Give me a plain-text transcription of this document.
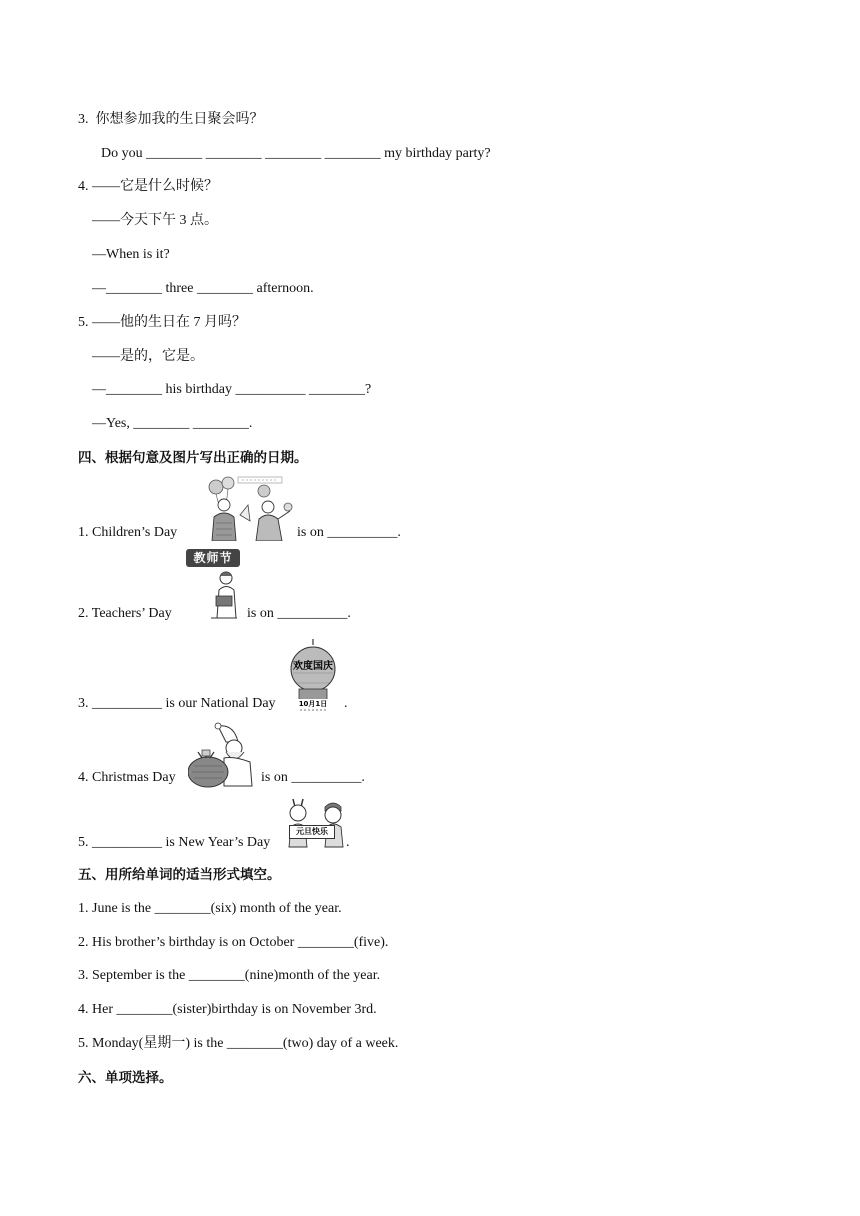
3.  你想参加我的生日聚会吗？
Do you ________ ________ ________ ________ my birthday party?
4. ——它是什么时候？
——今天下午 3 点。
—When is it?
—________ three ________ afternoon.
5. ——他的生日在 7 月吗？
——是的，它是。
—________ his birthday __________ ________?
—Yes, ________ ________.
四、根据句意及图片写出正确的日期。
1. Children’s Day	is on __________.
教师节
2. Teachers’ Day	is on __________.
欢度国庆
10月1日
3. __________ is our National Day	.
4. Christmas Day	is on __________.
元旦快乐
5. __________ is New Year’s Day	.
五、用所给单词的适当形式填空。
1. June is the ________(six) month of the year.
2. His brother’s birthday is on October ________(five).
3. September is the ________(nine)month of the year.
4. Her ________(sister)birthday is on November 3rd.
5. Monday(星期一) is the ________(two) day of a week.
六、单项选择。
